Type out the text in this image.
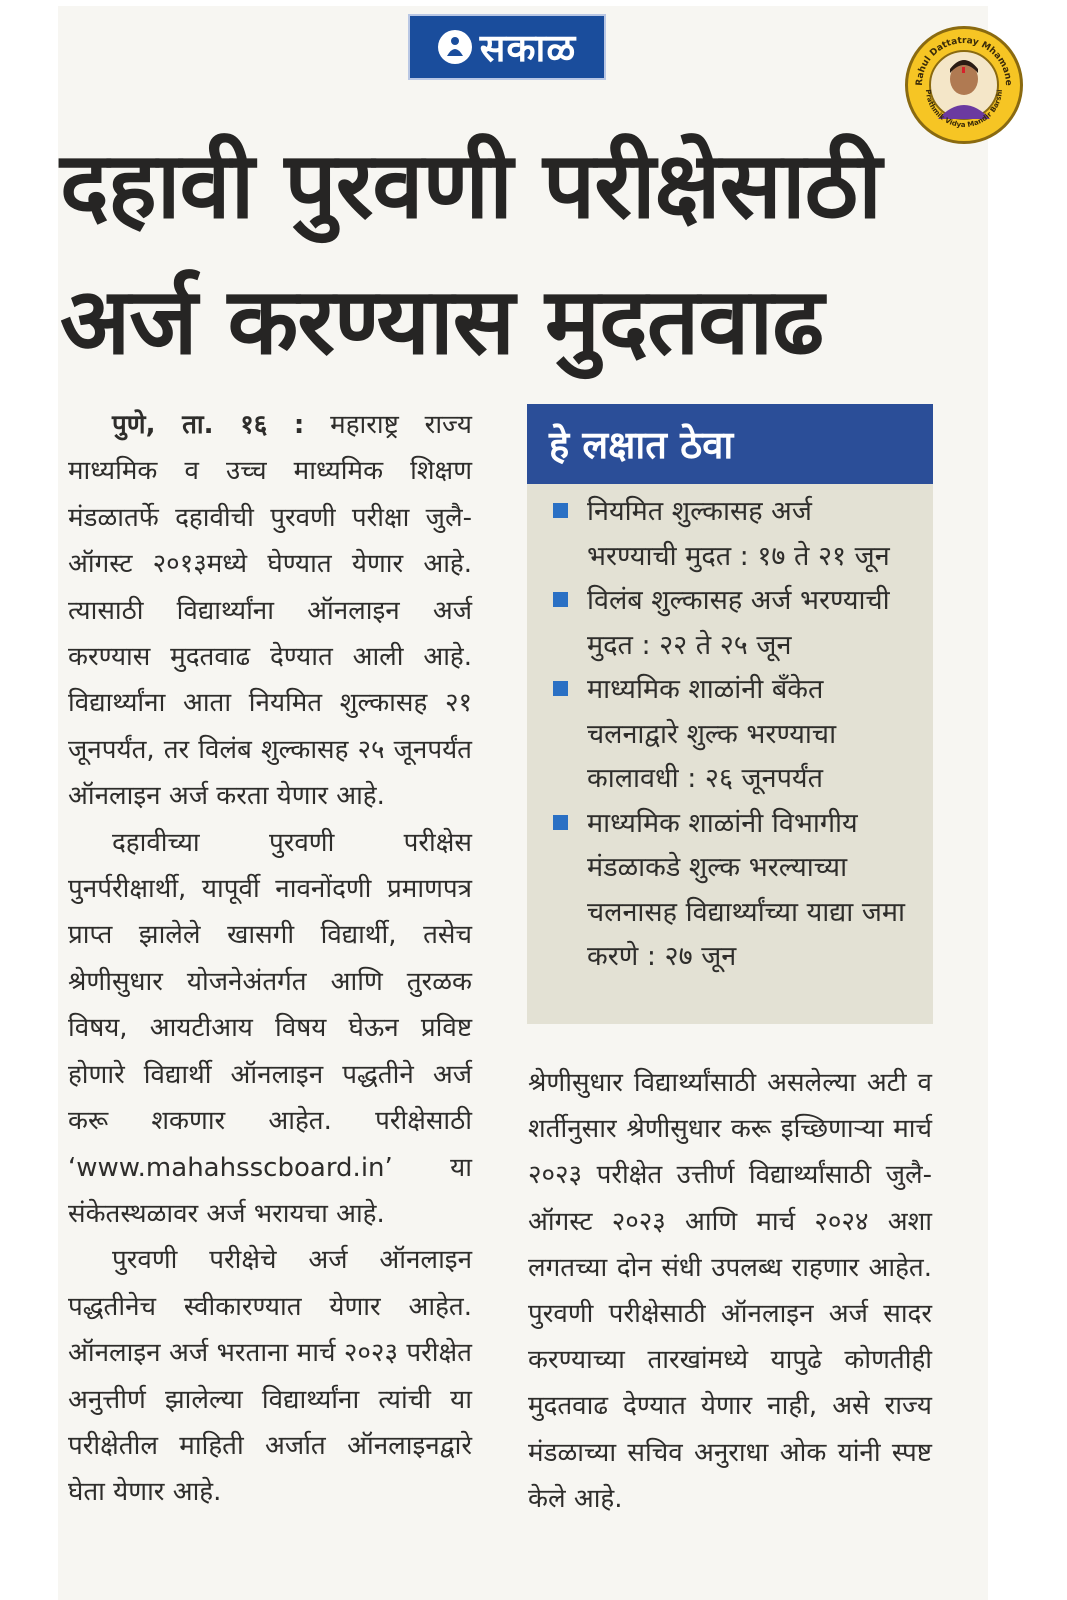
सकाळ
Rahul Dattatray Mhamane
Prathmik Vidya Mandir Barshi
दहावी पुरवणी परीक्षेसाठी
अर्ज करण्यास मुदतवाढ

पुणे, ता. १६ : महाराष्ट्र राज्य माध्यमिक व उच्च माध्यमिक शिक्षण मंडळातर्फे दहावीची पुरवणी परीक्षा जुलै-ऑगस्ट २०१३मध्ये घेण्यात येणार आहे. त्यासाठी विद्यार्थ्यांना ऑनलाइन अर्ज करण्यास मुदतवाढ देण्यात आली आहे. विद्यार्थ्यांना आता नियमित शुल्कासह २१ जूनपर्यंत, तर विलंब शुल्कासह २५ जूनपर्यंत ऑनलाइन अर्ज करता येणार आहे.

दहावीच्या पुरवणी परीक्षेस पुनर्परीक्षार्थी, यापूर्वी नावनोंदणी प्रमाणपत्र प्राप्त झालेले खासगी विद्यार्थी, तसेच श्रेणीसुधार योजनेअंतर्गत आणि तुरळक विषय, आयटीआय विषय घेऊन प्रविष्ट होणारे विद्यार्थी ऑनलाइन पद्धतीने अर्ज करू शकणार आहेत. परीक्षेसाठी ‘www.mahahsscboard.in’ या संकेतस्थळावर अर्ज भरायचा आहे.

पुरवणी परीक्षेचे अर्ज ऑनलाइन पद्धतीनेच स्वीकारण्यात येणार आहेत. ऑनलाइन अर्ज भरताना मार्च २०२३ परीक्षेत अनुत्तीर्ण झालेल्या विद्यार्थ्यांना त्यांची या परीक्षेतील माहिती अर्जात ऑनलाइनद्वारे घेता येणार आहे.

हे लक्षात ठेवा
नियमित शुल्कासह अर्ज भरण्याची मुदत : १७ ते २१ जून
विलंब शुल्कासह अर्ज भरण्याची मुदत : २२ ते २५ जून
माध्यमिक शाळांनी बँकेत चलनाद्वारे शुल्क भरण्याचा कालावधी : २६ जूनपर्यंत
माध्यमिक शाळांनी विभागीय मंडळाकडे शुल्क भरल्याच्या चलनासह विद्यार्थ्यांच्या याद्या जमा करणे : २७ जून

श्रेणीसुधार विद्यार्थ्यांसाठी असलेल्या अटी व शर्तीनुसार श्रेणीसुधार करू इच्छिणाऱ्या मार्च २०२३ परीक्षेत उत्तीर्ण विद्यार्थ्यांसाठी जुलै-ऑगस्ट २०२३ आणि मार्च २०२४ अशा लगतच्या दोन संधी उपलब्ध राहणार आहेत. पुरवणी परीक्षेसाठी ऑनलाइन अर्ज सादर करण्याच्या तारखांमध्ये यापुढे कोणतीही मुदतवाढ देण्यात येणार नाही, असे राज्य मंडळाच्या सचिव अनुराधा ओक यांनी स्पष्ट केले आहे.
